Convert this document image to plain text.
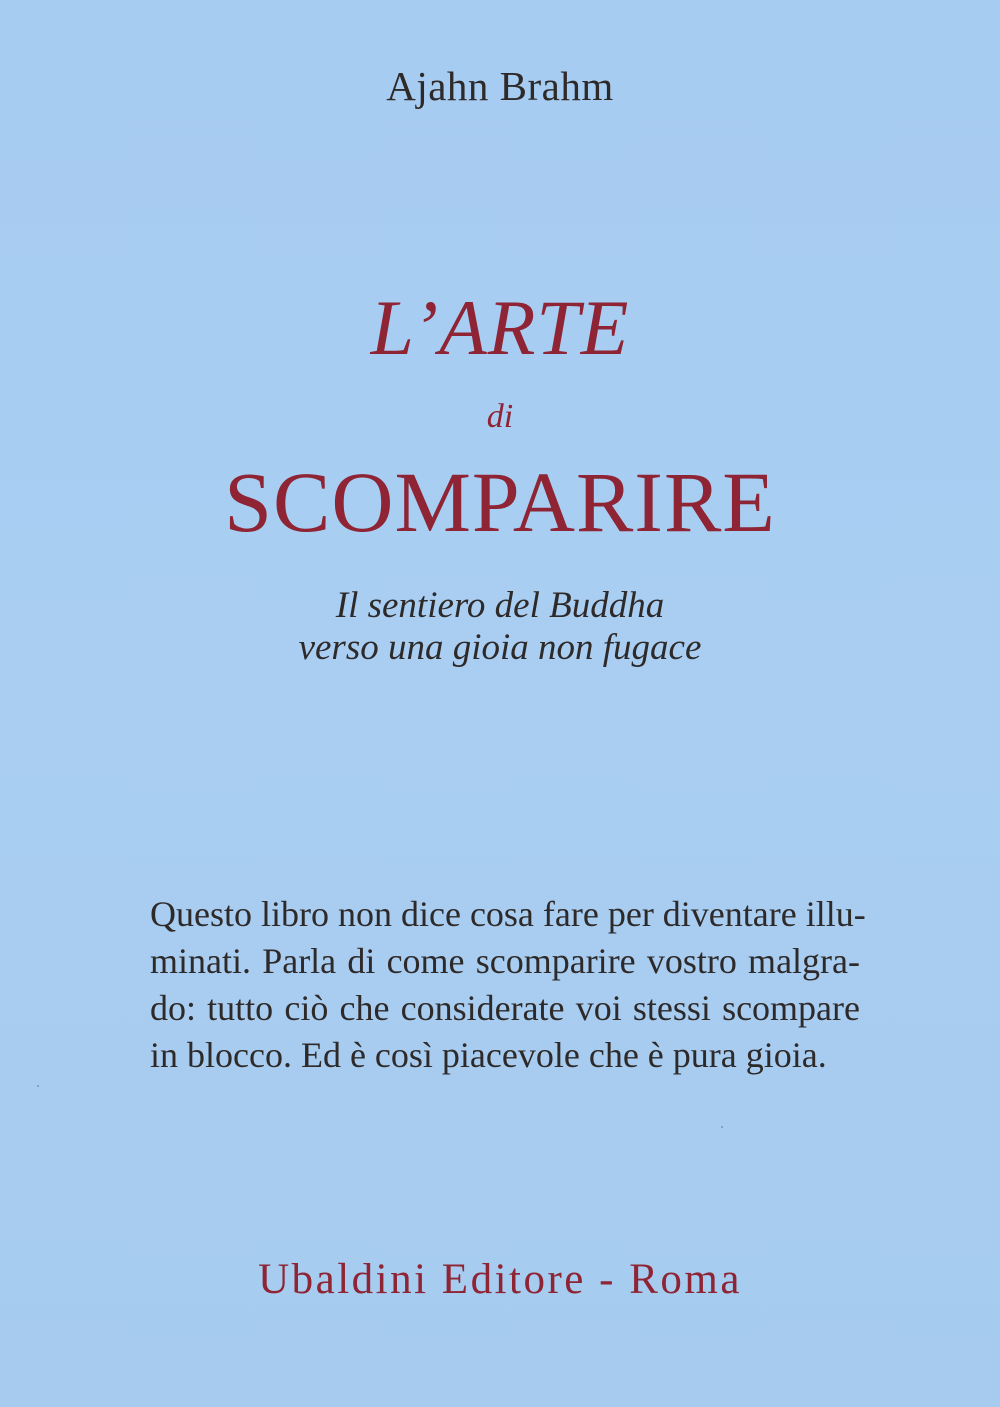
Ajahn Brahm
L’ARTE
di
SCOMPARIRE
Il sentiero del Buddha
verso una gioia non fugace
Questo libro non dice cosa fare per diventare illu-
minati. Parla di come scomparire vostro malgra-
do: tutto ciò che considerate voi stessi scompare
in blocco. Ed è così piacevole che è pura gioia.
Ubaldini Editore - Roma
